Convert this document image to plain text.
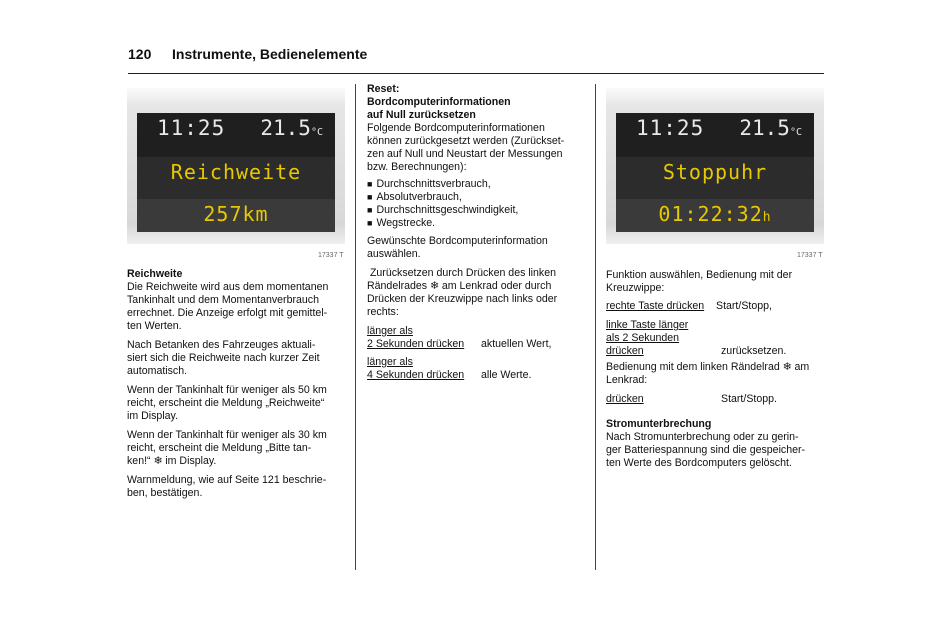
120 Instrumente, Bedienelemente
11:25 21.5°C
Reichweite
257km
17337 T
11:25 21.5°C
Stoppuhr
01:22:32h
17337 T
Reichweite
Die Reichweite wird aus dem momentanen
Tankinhalt und dem Momentanverbrauch
errechnet. Die Anzeige erfolgt mit gemittel-
ten Werten.
Nach Betanken des Fahrzeuges aktuali-
siert sich die Reichweite nach kurzer Zeit
automatisch.
Wenn der Tankinhalt für weniger als 50 km
reicht, erscheint die Meldung „Reichweite“
im Display.
Wenn der Tankinhalt für weniger als 30 km
reicht, erscheint die Meldung „Bitte tan-
ken!“ ❄ im Display.
Warnmeldung, wie auf Seite 121 beschrie-
ben, bestätigen.
Reset:
Bordcomputerinformationen
auf Null zurücksetzen
Folgende Bordcomputerinformationen
können zurückgesetzt werden (Zurückset-
zen auf Null und Neustart der Messungen
bzw. Berechnungen):
■ Durchschnittsverbrauch,
■ Absolutverbrauch,
■ Durchschnittsgeschwindigkeit,
■ Wegstrecke.
Gewünschte Bordcomputerinformation
auswählen.
Zurücksetzen durch Drücken des linken
Rändelrades ❄ am Lenkrad oder durch
Drücken der Kreuzwippe nach links oder
rechts:
länger als
2 Sekunden drücken	aktuellen Wert,
länger als
4 Sekunden drücken	alle Werte.
Funktion auswählen, Bedienung mit der
Kreuzwippe:
rechte Taste drücken Start/Stopp,
linke Taste länger
als 2 Sekunden
drücken	zurücksetzen.
Bedienung mit dem linken Rändelrad ❄ am
Lenkrad:
drücken	Start/Stopp.
Stromunterbrechung
Nach Stromunterbrechung oder zu gerin-
ger Batteriespannung sind die gespeicher-
ten Werte des Bordcomputers gelöscht.
